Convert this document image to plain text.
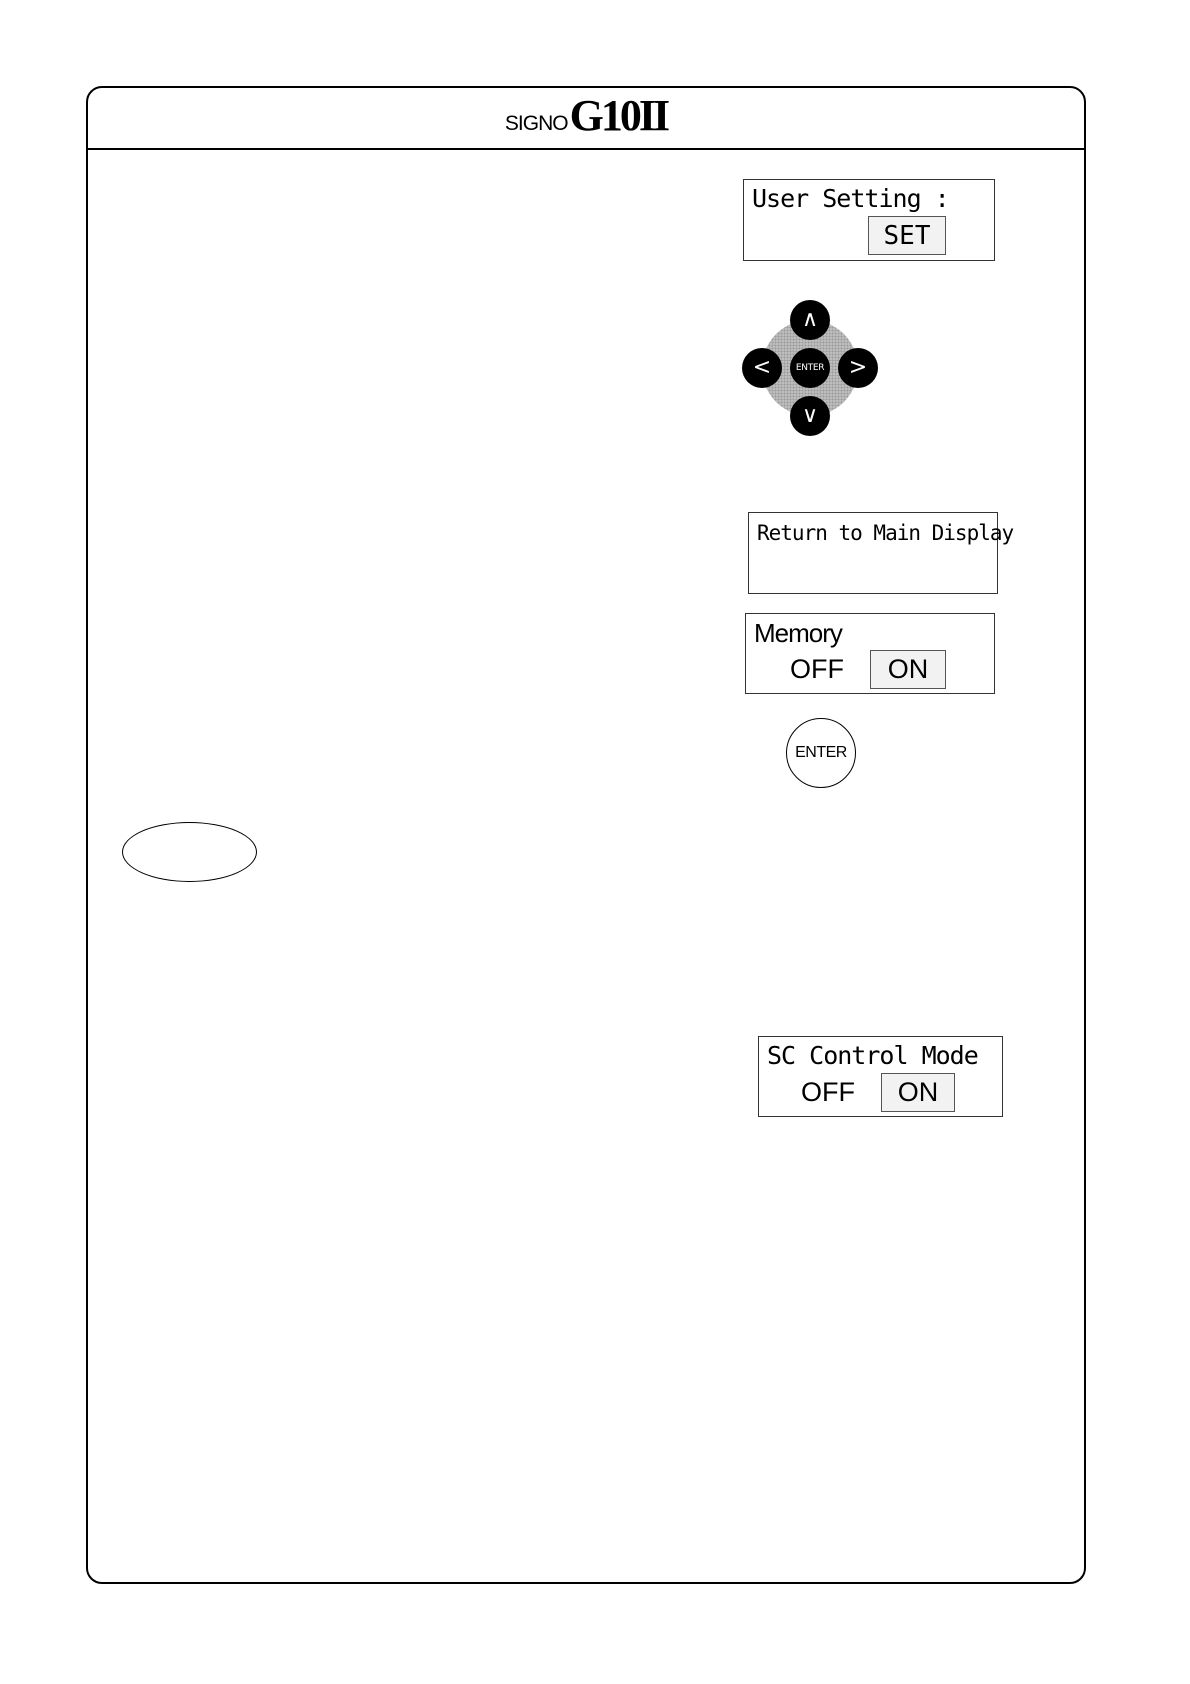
SIGNO G10II
User Setting :
SET
∧
∨
<	>
ENTER
Return to Main Display
Memory
OFF	ON
ENTER
SC Control Mode
OFF	ON
